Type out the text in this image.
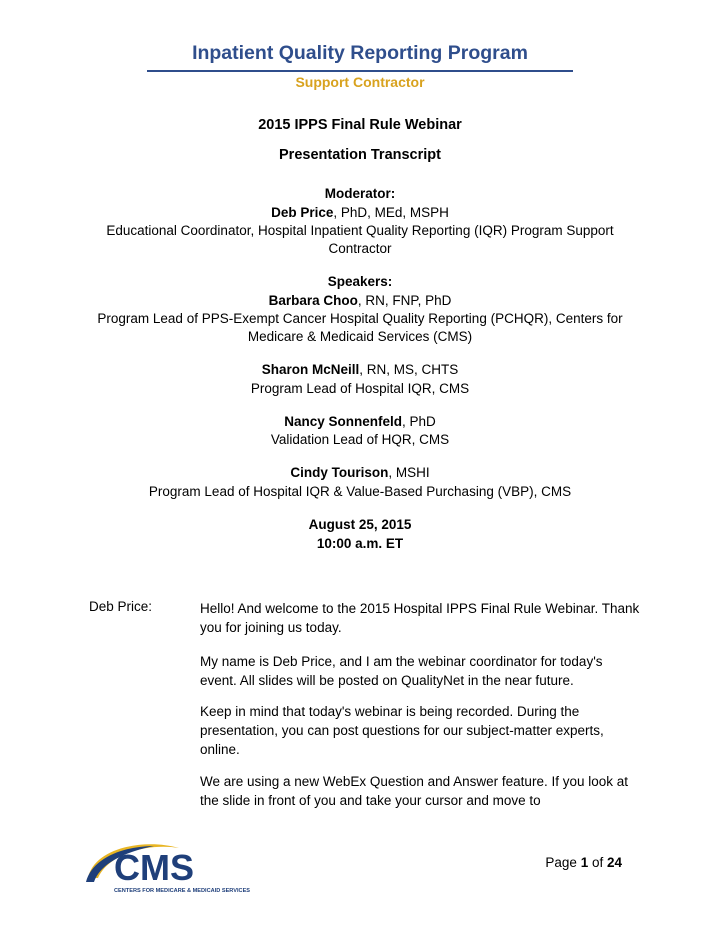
Inpatient Quality Reporting Program
Support Contractor
2015 IPPS Final Rule Webinar
Presentation Transcript
Moderator:
Deb Price, PhD, MEd, MSPH
Educational Coordinator, Hospital Inpatient Quality Reporting (IQR) Program Support
Contractor
Speakers:
Barbara Choo, RN, FNP, PhD
Program Lead of PPS-Exempt Cancer Hospital Quality Reporting (PCHQR), Centers for
Medicare & Medicaid Services (CMS)
Sharon McNeill, RN, MS, CHTS
Program Lead of Hospital IQR, CMS
Nancy Sonnenfeld, PhD
Validation Lead of HQR, CMS
Cindy Tourison, MSHI
Program Lead of Hospital IQR & Value-Based Purchasing (VBP), CMS
August 25, 2015
10:00 a.m. ET
Deb Price:	Hello! And welcome to the 2015 Hospital IPPS Final Rule Webinar. Thank you for joining us today.

My name is Deb Price, and I am the webinar coordinator for today's event. All slides will be posted on QualityNet in the near future.

Keep in mind that today's webinar is being recorded. During the presentation, you can post questions for our subject-matter experts, online.

We are using a new WebEx Question and Answer feature. If you look at the slide in front of you and take your cursor and move to

CMS
CENTERS FOR MEDICARE & MEDICAID SERVICES
Page 1 of 24
